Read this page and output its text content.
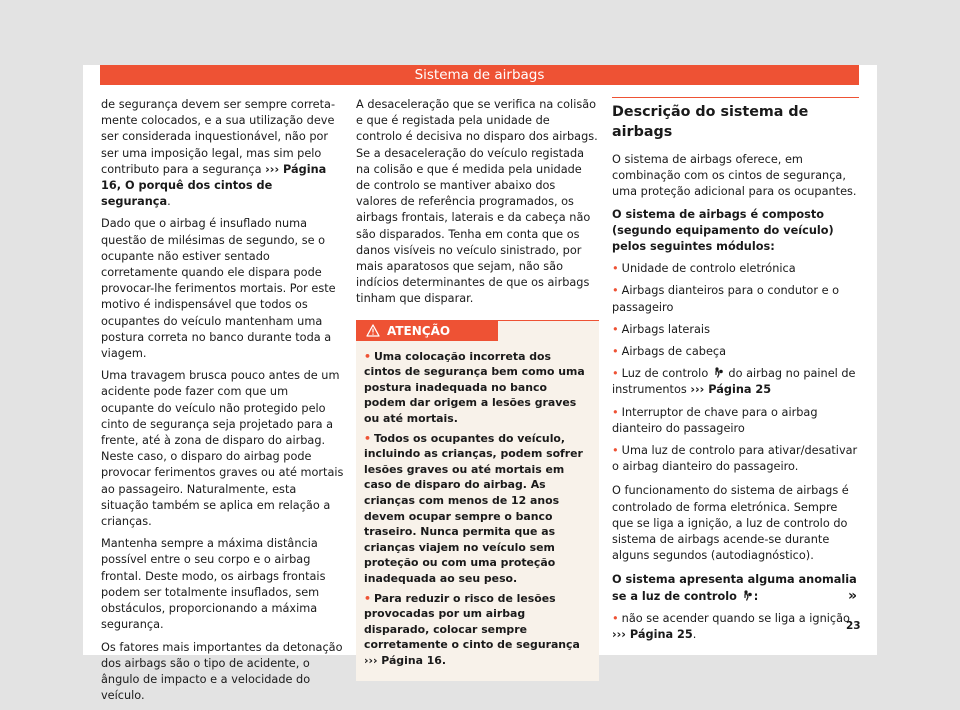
Sistema de airbags

de segurança devem ser sempre corretamente colocados, e a sua utilização deve ser considerada inquestionável, não por ser uma imposição legal, mas sim pelo contributo para a segurança ››› Página 16, O porquê dos cintos de segurança.

Dado que o airbag é insuflado numa questão de milésimas de segundo, se o ocupante não estiver sentado corretamente quando ele dispara pode provocar-lhe ferimentos mortais. Por este motivo é indispensável que todos os ocupantes do veículo mantenham uma postura correta no banco durante toda a viagem.

Uma travagem brusca pouco antes de um acidente pode fazer com que um ocupante do veículo não protegido pelo cinto de segurança seja projetado para a frente, até à zona de disparo do airbag. Neste caso, o disparo do airbag pode provocar ferimentos graves ou até mortais ao passageiro. Naturalmente, esta situação também se aplica em relação a crianças.

Mantenha sempre a máxima distância possível entre o seu corpo e o airbag frontal. Deste modo, os airbags frontais podem ser totalmente insuflados, sem obstáculos, proporcionando a máxima segurança.

Os fatores mais importantes da detonação dos airbags são o tipo de acidente, o ângulo de impacto e a velocidade do veículo.

A desaceleração que se verifica na colisão e que é registada pela unidade de controlo é decisiva no disparo dos airbags. Se a desaceleração do veículo registada na colisão e que é medida pela unidade de controlo se mantiver abaixo dos valores de referência programados, os airbags frontais, laterais e da cabeça não são disparados. Tenha em conta que os danos visíveis no veículo sinistrado, por mais aparatosos que sejam, não são indícios determinantes de que os airbags tinham que disparar.

ATENÇÃO

• Uma colocação incorreta dos cintos de segurança bem como uma postura inadequada no banco podem dar origem a lesões graves ou até mortais.

• Todos os ocupantes do veículo, incluindo as crianças, podem sofrer lesões graves ou até mortais em caso de disparo do airbag. As crianças com menos de 12 anos devem ocupar sempre o banco traseiro. Nunca permita que as crianças viajem no veículo sem proteção ou com uma proteção inadequada ao seu peso.

• Para reduzir o risco de lesões provocadas por um airbag disparado, colocar sempre corretamente o cinto de segurança ››› Página 16.

Descrição do sistema de airbags

O sistema de airbags oferece, em combinação com os cintos de segurança, uma proteção adicional para os ocupantes.

O sistema de airbags é composto (segundo equipamento do veículo) pelos seguintes módulos:

• Unidade de controlo eletrónica

• Airbags dianteiros para o condutor e o passageiro

• Airbags laterais

• Airbags de cabeça

• Luz de controlo  do airbag no painel de instrumentos ››› Página 25

• Interruptor de chave para o airbag dianteiro do passageiro

• Uma luz de controlo para ativar/desativar o airbag dianteiro do passageiro.

O funcionamento do sistema de airbags é controlado de forma eletrónica. Sempre que se liga a ignição, a luz de controlo do sistema de airbags acende-se durante alguns segundos (autodiagnóstico).

O sistema apresenta alguma anomalia se a luz de controlo :

• não se acender quando se liga a ignição ››› Página 25.

»
23
